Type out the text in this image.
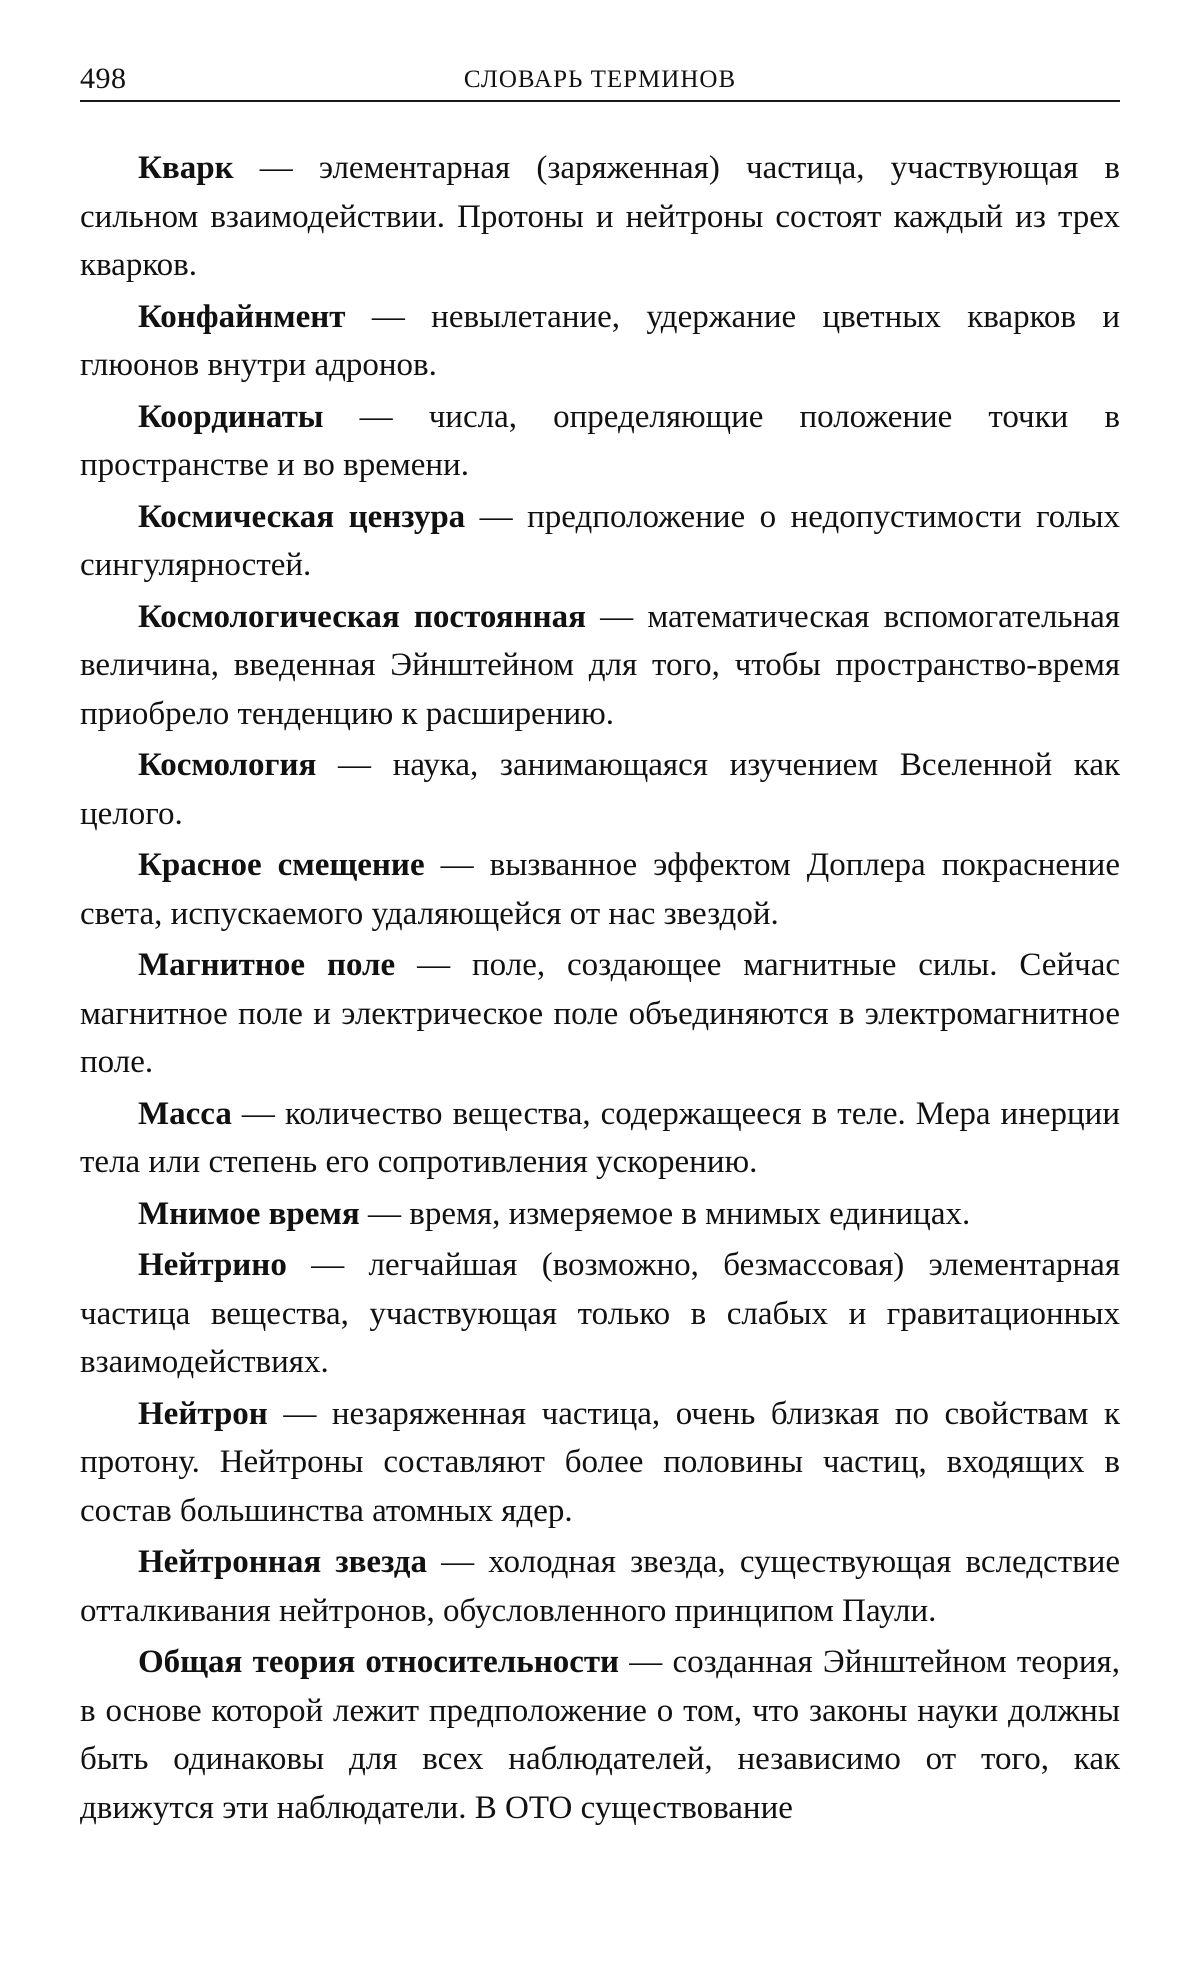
498	СЛОВАРЬ ТЕРМИНОВ

Кварк — элементарная (заряженная) частица, участвующая в сильном взаимодействии. Протоны и нейтроны состоят каждый из трех кварков.

Конфайнмент — невылетание, удержание цветных кварков и глюонов внутри адронов.

Координаты — числа, определяющие положение точки в пространстве и во времени.

Космическая цензура — предположение о недопустимости голых сингулярностей.

Космологическая постоянная — математическая вспомогательная величина, введенная Эйнштейном для того, чтобы пространство-время приобрело тенденцию к расширению.

Космология — наука, занимающаяся изучением Вселенной как целого.

Красное смещение — вызванное эффектом Доплера покраснение света, испускаемого удаляющейся от нас звездой.

Магнитное поле — поле, создающее магнитные силы. Сейчас магнитное поле и электрическое поле объединяются в электромагнитное поле.

Масса — количество вещества, содержащееся в теле. Мера инерции тела или степень его сопротивления ускорению.

Мнимое время — время, измеряемое в мнимых единицах.

Нейтрино — легчайшая (возможно, безмассовая) элементарная частица вещества, участвующая только в слабых и гравитационных взаимодействиях.

Нейтрон — незаряженная частица, очень близкая по свойствам к протону. Нейтроны составляют более половины частиц, входящих в состав большинства атомных ядер.

Нейтронная звезда — холодная звезда, существующая вследствие отталкивания нейтронов, обусловленного принципом Паули.

Общая теория относительности — созданная Эйнштейном теория, в основе которой лежит предположение о том, что законы науки должны быть одинаковы для всех наблюдателей, независимо от того, как движутся эти наблюдатели. В ОТО существование
